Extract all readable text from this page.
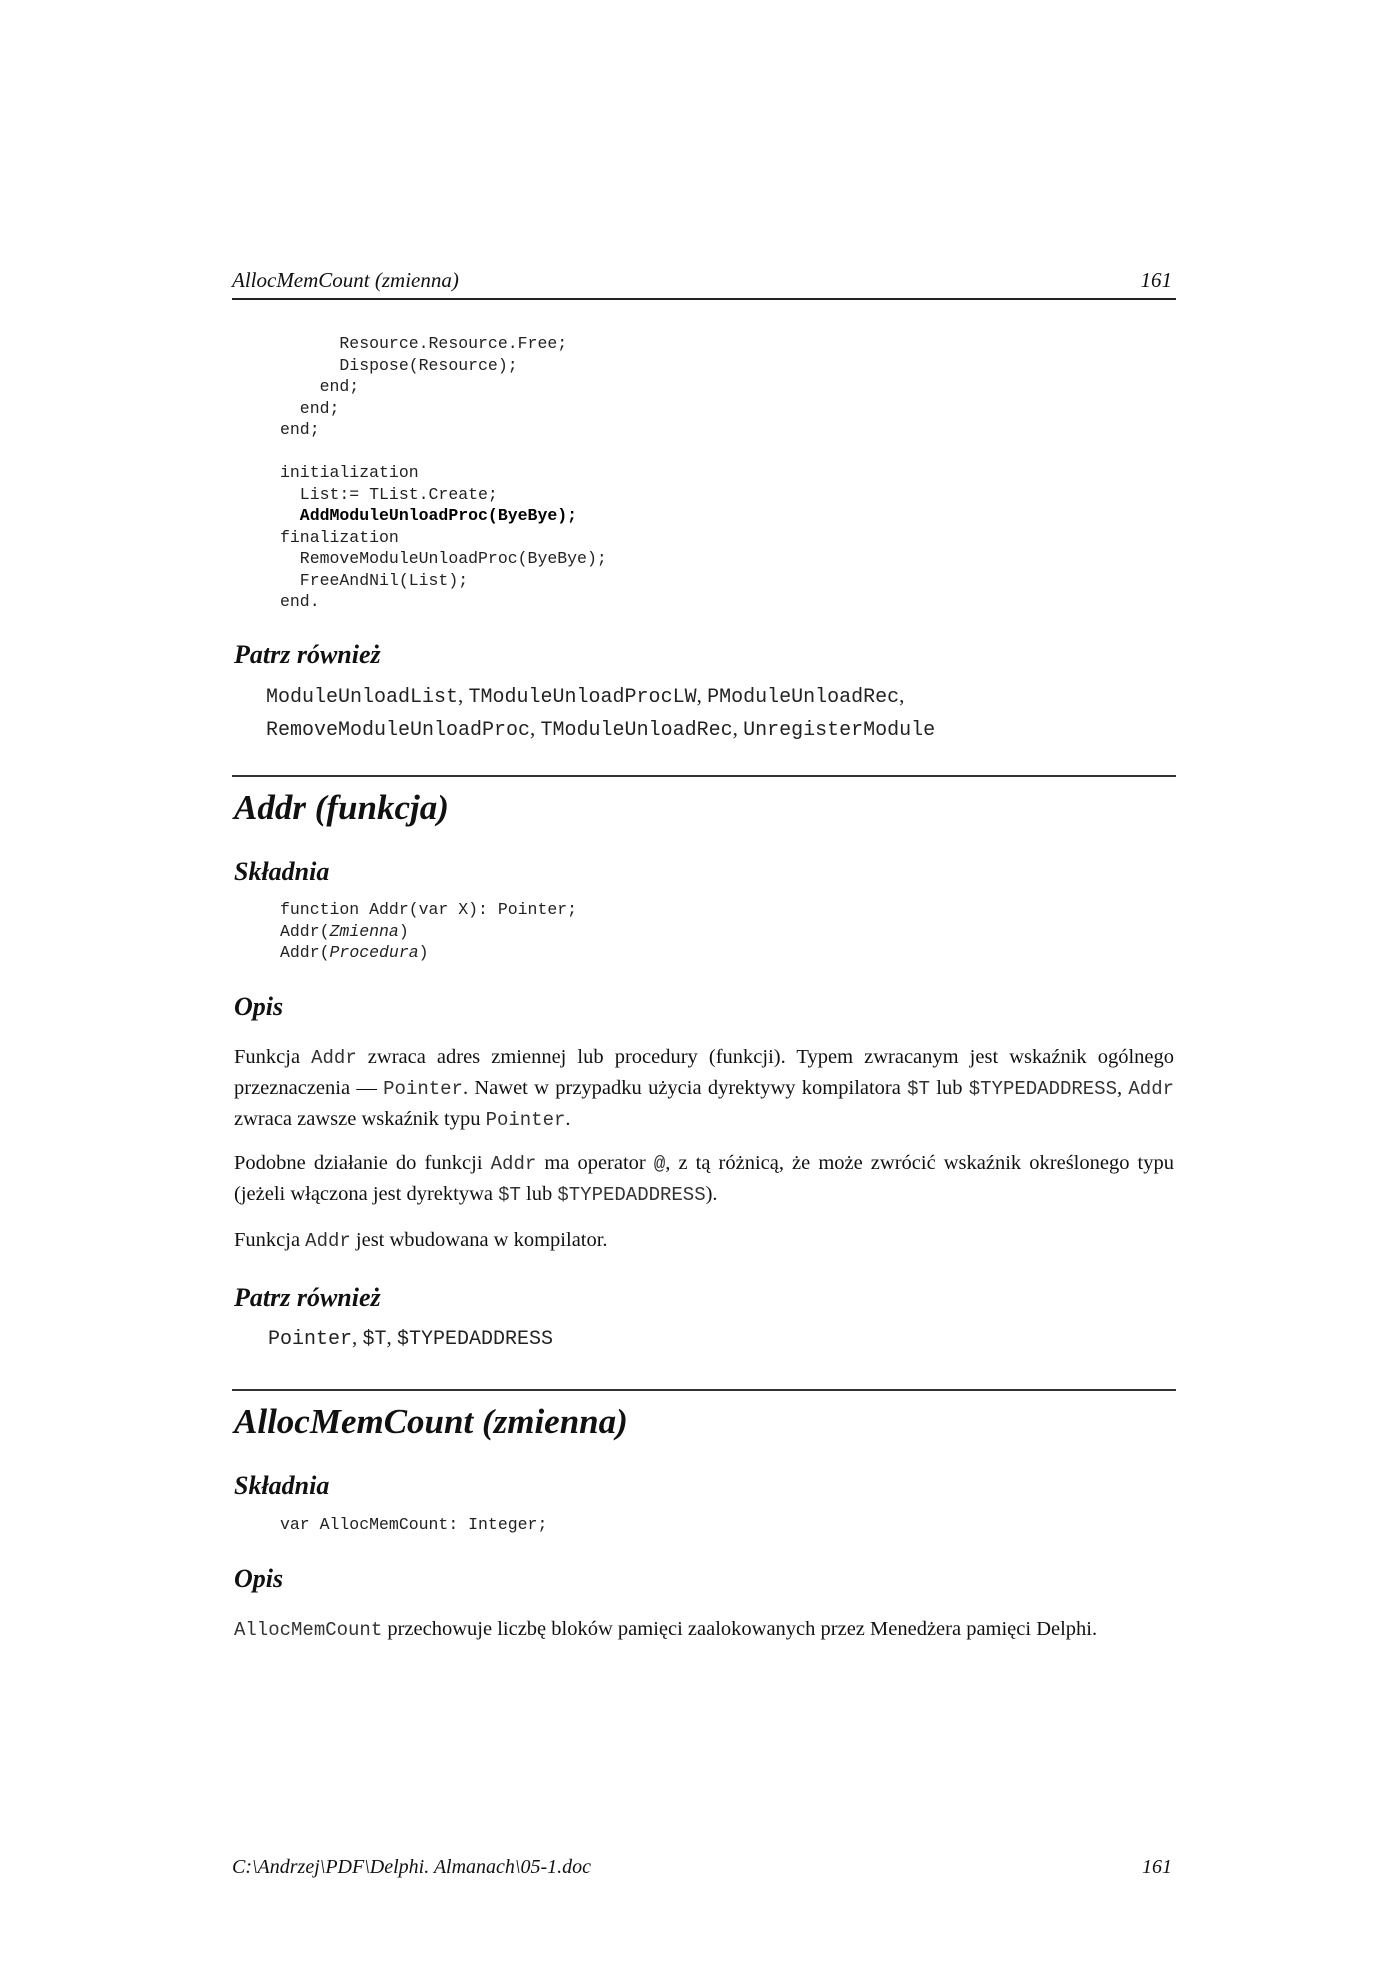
AllocMemCount (zmienna)	161
Resource.Resource.Free;
Dispose(Resource);
end;
end;
end;

initialization
List:= TList.Create;
AddModuleUnloadProc(ByeBye);
finalization
RemoveModuleUnloadProc(ByeBye);
FreeAndNil(List);
end.
Patrz również
ModuleUnloadList, TModuleUnloadProcLW, PModuleUnloadRec,
RemoveModuleUnloadProc, TModuleUnloadRec, UnregisterModule
Addr (funkcja)
Składnia
function Addr(var X): Pointer;
Addr(Zmienna)
Addr(Procedura)
Opis

Funkcja Addr zwraca adres zmiennej lub procedury (funkcji). Typem zwracanym jest wskaźnik ogólnego przeznaczenia — Pointer. Nawet w przypadku użycia dyrektywy kompilatora $T lub $TYPEDADDRESS, Addr zwraca zawsze wskaźnik typu Pointer.

Podobne działanie do funkcji Addr ma operator @, z tą różnicą, że może zwrócić wskaźnik określonego typu (jeżeli włączona jest dyrektywa $T lub $TYPEDADDRESS).

Funkcja Addr jest wbudowana w kompilator.

Patrz również
Pointer, $T, $TYPEDADDRESS
AllocMemCount (zmienna)
Składnia
var AllocMemCount: Integer;
Opis

AllocMemCount przechowuje liczbę bloków pamięci zaalokowanych przez Menedżera pamięci Delphi.

C:\Andrzej\PDF\Delphi. Almanach\05-1.doc	161
